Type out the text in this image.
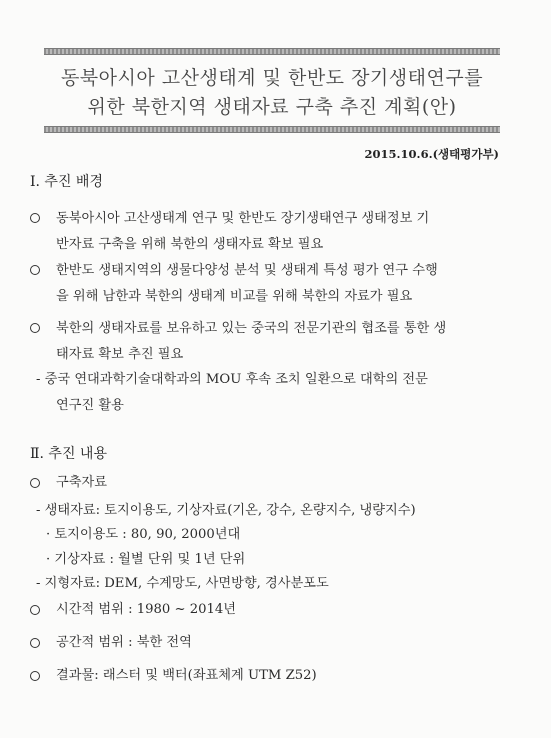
동북아시아 고산생태계 및 한반도 장기생태연구를
위한 북한지역 생태자료 구축 추진 계획(안)
2015.10.6.(생태평가부)
Ⅰ. 추진 배경
동북아시아 고산생태계 연구 및 한반도 장기생태연구 생태정보 기
반자료 구축을 위해 북한의 생태자료 확보 필요
한반도 생태지역의 생물다양성 분석 및 생태계 특성 평가 연구 수행
을 위해 남한과 북한의 생태계 비교를 위해 북한의 자료가 필요
북한의 생태자료를 보유하고 있는 중국의 전문기관의 협조를 통한 생
태자료 확보 추진 필요
- 중국 연대과학기술대학과의 MOU 후속 조치 일환으로 대학의 전문
연구진 활용
Ⅱ. 추진 내용
구축자료
- 생태자료: 토지이용도, 기상자료(기온, 강수, 온량지수, 냉량지수)
· 토지이용도 : 80, 90, 2000년대
· 기상자료 : 월별 단위 및 1년 단위
- 지형자료: DEM, 수계망도, 사면방향, 경사분포도
시간적 범위 : 1980 ~ 2014년
공간적 범위 : 북한 전역
결과물: 래스터 및 백터(좌표체계 UTM Z52)
